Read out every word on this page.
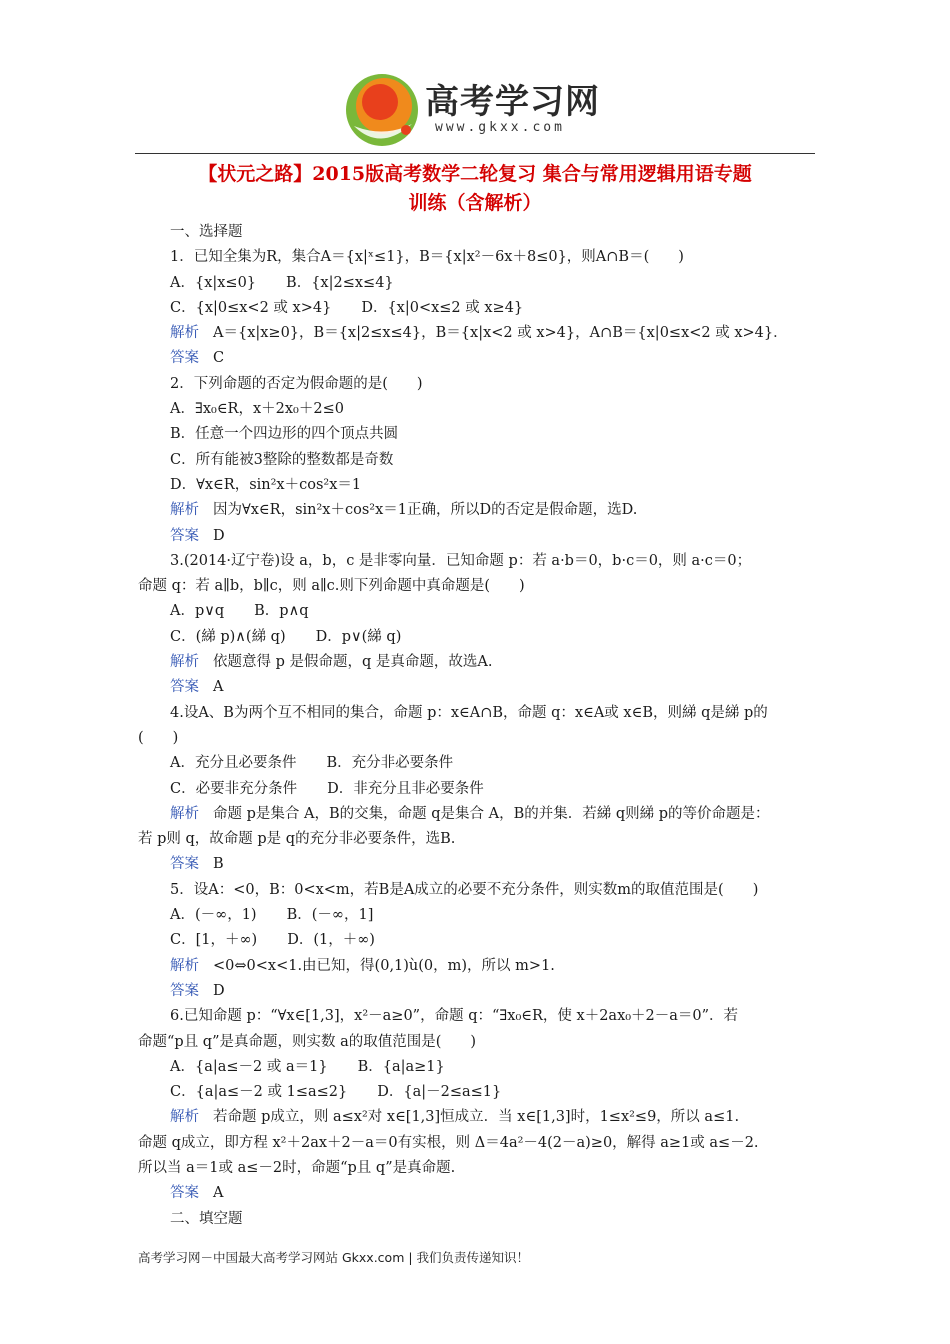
高考学习网
www.gkxx.com
【状元之路】2015版高考数学二轮复习 集合与常用逻辑用语专题
训练（含解析）
一、选择题
1．已知全集为R，集合A＝{x|ˣ≤1}，B＝{x|x²－6x＋8≤0}，则A∩B＝(　　)
A．{x|x≤0} B．{x|2≤x≤4}
C．{x|0≤x<2 或 x>4} D．{x|0<x≤2 或 x≥4}
解析 A＝{x|x≥0}，B＝{x|2≤x≤4}，B＝{x|x<2 或 x>4}，A∩B＝{x|0≤x<2 或 x>4}．
答案 C
2．下列命题的否定为假命题的是(　　)
A．∃x₀∈R，x＋2x₀＋2≤0
B．任意一个四边形的四个顶点共圆
C．所有能被3整除的整数都是奇数
D．∀x∈R，sin²x＋cos²x＝1
解析 因为∀x∈R，sin²x＋cos²x＝1正确，所以D的否定是假命题，选D.
答案 D
3.(2014·辽宁卷)设 a，b，c 是非零向量．已知命题 p：若 a·b＝0，b·c＝0，则 a·c＝0；
命题 q：若 a∥b，b∥c，则 a∥c.则下列命题中真命题是(　　)
A．p∨q B．p∧q
C．(綈 p)∧(綈 q) D．p∨(綈 q)
解析 依题意得 p 是假命题，q 是真命题，故选A.
答案 A
4.设A、B为两个互不相同的集合，命题 p：x∈A∩B，命题 q：x∈A或 x∈B，则綈 q是綈 p的
(　　)
A．充分且必要条件 B．充分非必要条件
C．必要非充分条件 D．非充分且非必要条件
解析 命题 p是集合 A，B的交集，命题 q是集合 A，B的并集．若綈 q则綈 p的等价命题是：
若 p则 q，故命题 p是 q的充分非必要条件，选B.
答案 B
5．设A：<0，B：0<x<m，若B是A成立的必要不充分条件，则实数m的取值范围是(　　)
A．(－∞，1) B．(－∞，1]
C．[1，＋∞) D．(1，＋∞)
解析 <0⇔0<x<1.由已知，得(0,1)ù(0，m)，所以 m>1.
答案 D
6.已知命题 p：“∀x∈[1,3]，x²－a≥0”，命题 q：“∃x₀∈R，使 x＋2ax₀＋2－a＝0”．若
命题“p且 q”是真命题，则实数 a的取值范围是(　　)
A．{a|a≤－2 或 a＝1} B．{a|a≥1}
C．{a|a≤－2 或 1≤a≤2} D．{a|－2≤a≤1}
解析 若命题 p成立，则 a≤x²对 x∈[1,3]恒成立．当 x∈[1,3]时，1≤x²≤9，所以 a≤1.
命题 q成立，即方程 x²＋2ax＋2－a＝0有实根，则 Δ＝4a²－4(2－a)≥0，解得 a≥1或 a≤－2.
所以当 a＝1或 a≤－2时，命题“p且 q”是真命题.
答案 A
二、填空题
高考学习网－中国最大高考学习网站 Gkxx.com | 我们负责传递知识！
